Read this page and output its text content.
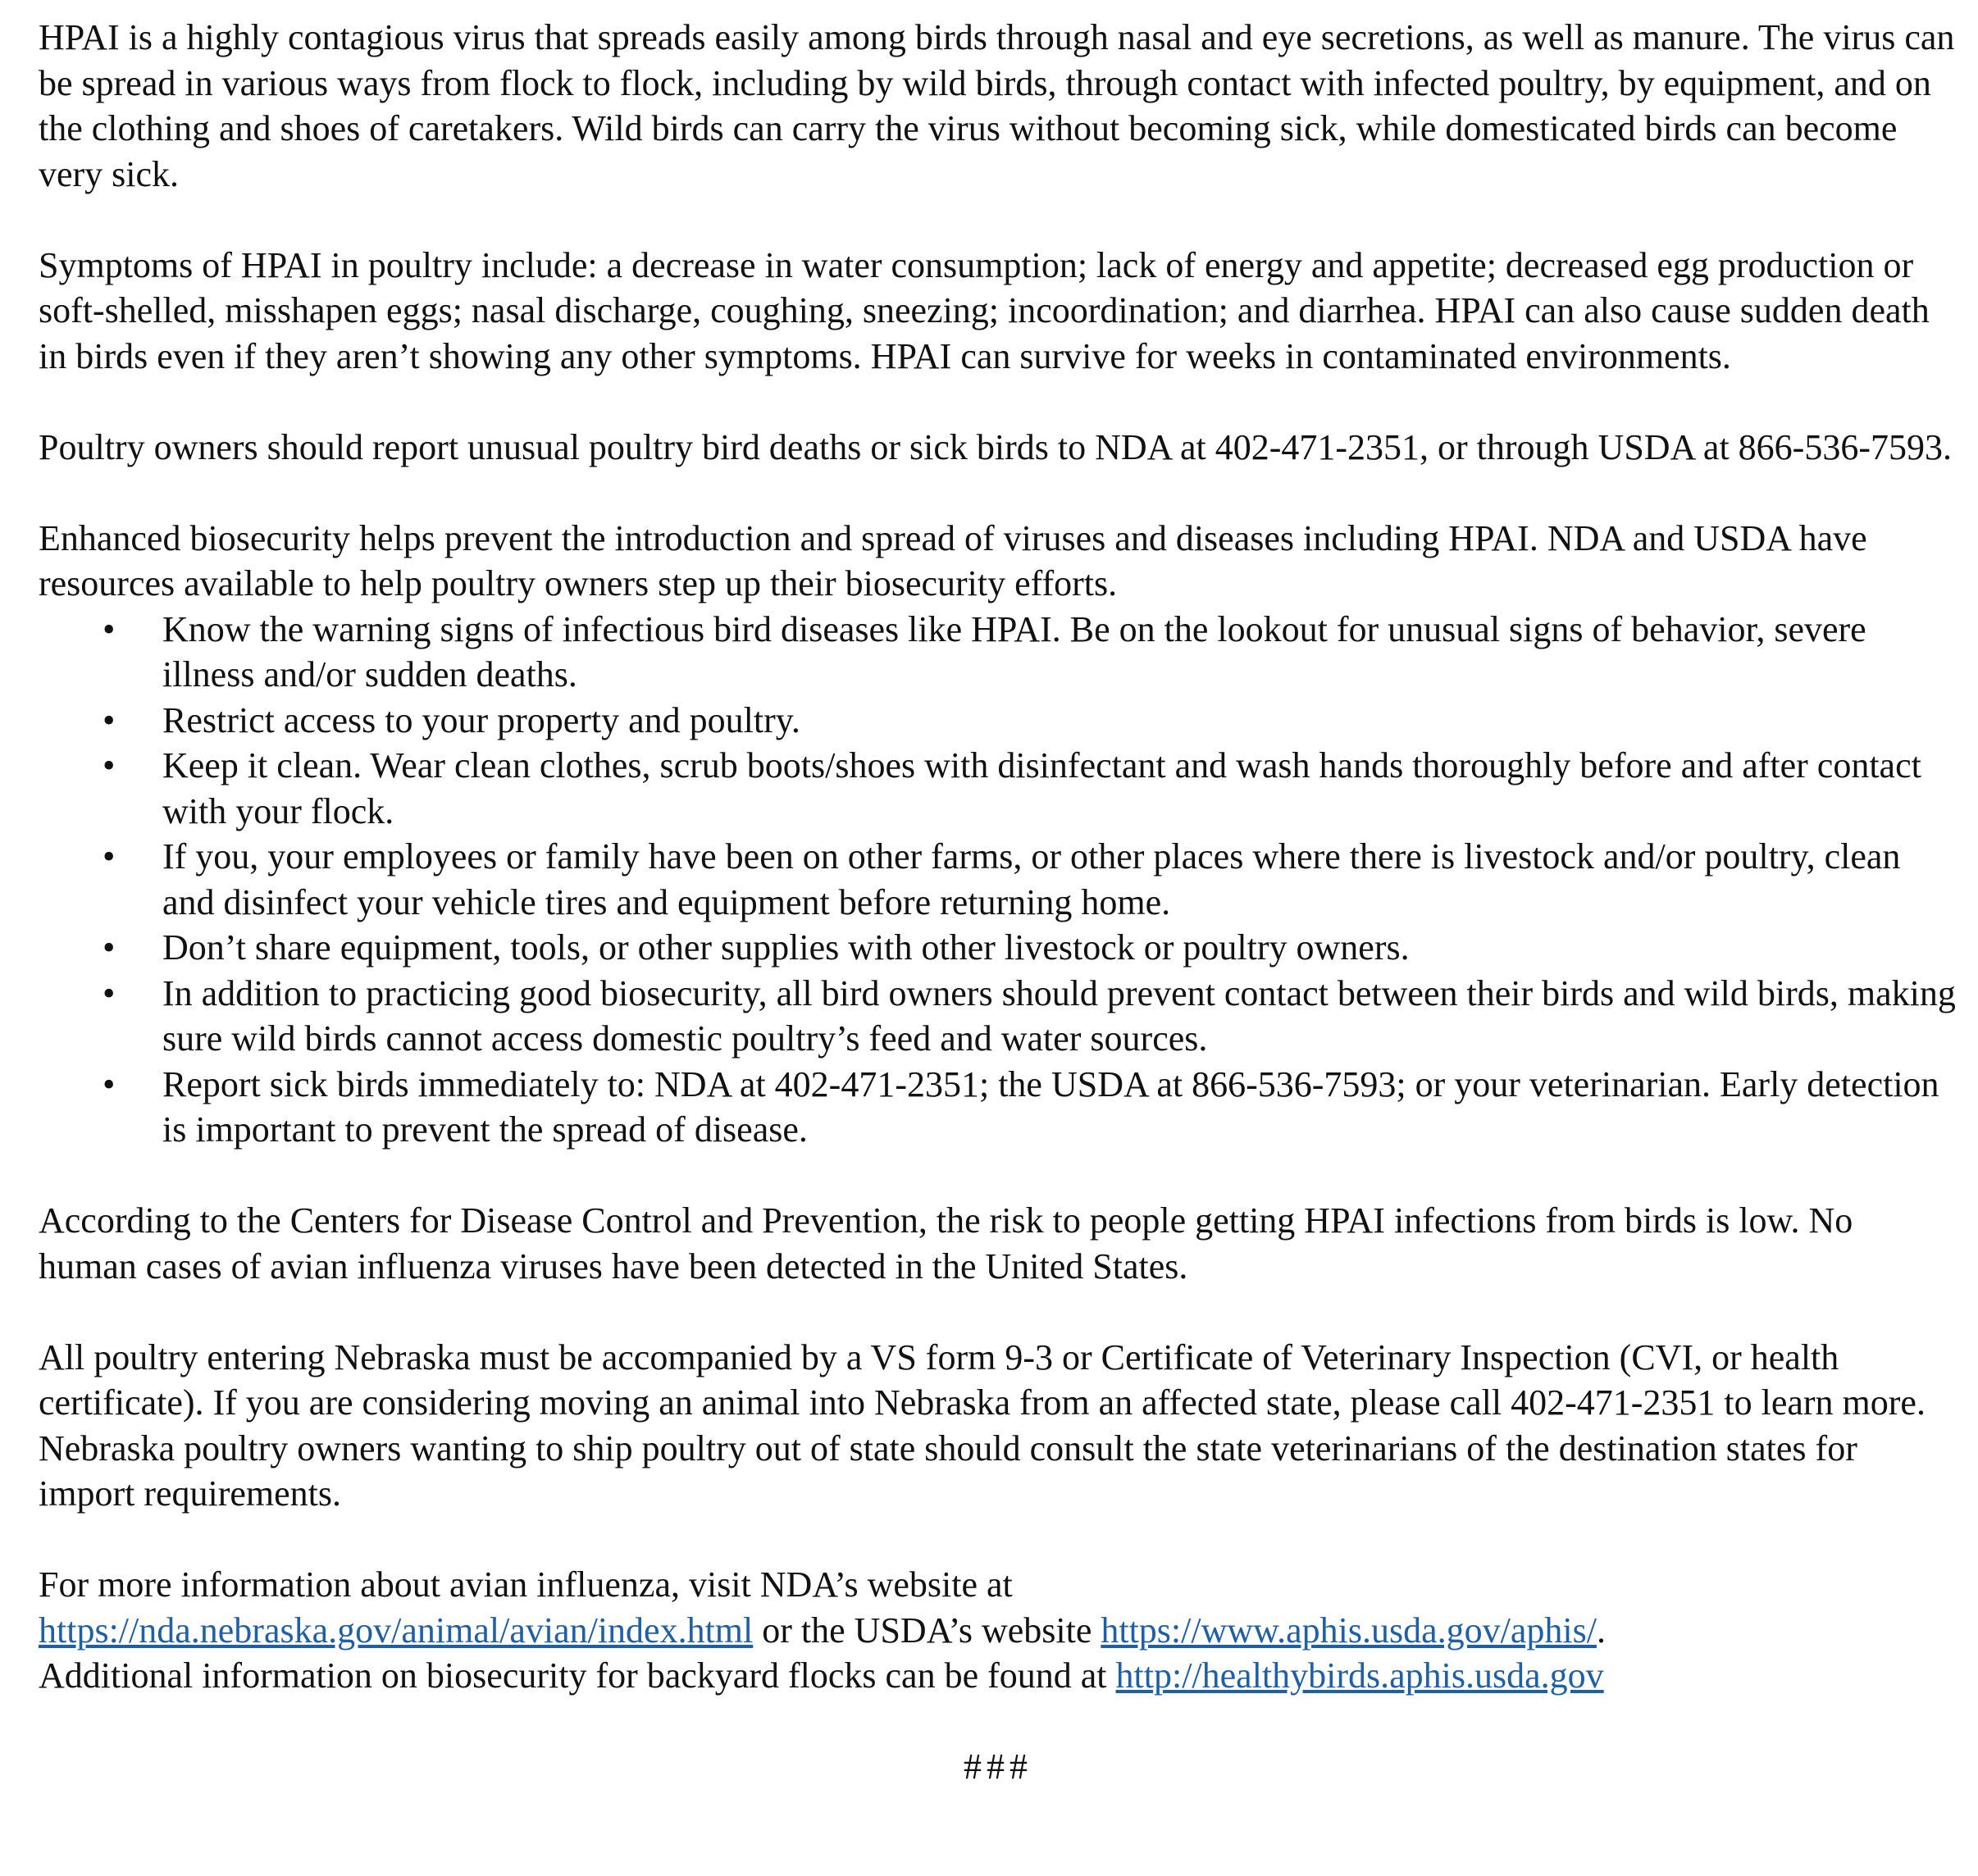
HPAI is a highly contagious virus that spreads easily among birds through nasal and eye secretions, as well as manure. The virus can be spread in various ways from flock to flock, including by wild birds, through contact with infected poultry, by equipment, and on the clothing and shoes of caretakers. Wild birds can carry the virus without becoming sick, while domesticated birds can become very sick.

Symptoms of HPAI in poultry include: a decrease in water consumption; lack of energy and appetite; decreased egg production or soft-shelled, misshapen eggs; nasal discharge, coughing, sneezing; incoordination; and diarrhea. HPAI can also cause sudden death in birds even if they aren’t showing any other symptoms. HPAI can survive for weeks in contaminated environments.

Poultry owners should report unusual poultry bird deaths or sick birds to NDA at 402-471-2351, or through USDA at 866-536-7593.

Enhanced biosecurity helps prevent the introduction and spread of viruses and diseases including HPAI. NDA and USDA have resources available to help poultry owners step up their biosecurity efforts.

• Know the warning signs of infectious bird diseases like HPAI. Be on the lookout for unusual signs of behavior, severe illness and/or sudden deaths.
• Restrict access to your property and poultry.
• Keep it clean. Wear clean clothes, scrub boots/shoes with disinfectant and wash hands thoroughly before and after contact with your flock.
• If you, your employees or family have been on other farms, or other places where there is livestock and/or poultry, clean and disinfect your vehicle tires and equipment before returning home.
• Don’t share equipment, tools, or other supplies with other livestock or poultry owners.
• In addition to practicing good biosecurity, all bird owners should prevent contact between their birds and wild birds, making sure wild birds cannot access domestic poultry’s feed and water sources.
• Report sick birds immediately to: NDA at 402-471-2351; the USDA at 866-536-7593; or your veterinarian. Early detection is important to prevent the spread of disease.

According to the Centers for Disease Control and Prevention, the risk to people getting HPAI infections from birds is low. No human cases of avian influenza viruses have been detected in the United States.

All poultry entering Nebraska must be accompanied by a VS form 9-3 or Certificate of Veterinary Inspection (CVI, or health certificate). If you are considering moving an animal into Nebraska from an affected state, please call 402-471-2351 to learn more. Nebraska poultry owners wanting to ship poultry out of state should consult the state veterinarians of the destination states for import requirements.

For more information about avian influenza, visit NDA’s website at
https://nda.nebraska.gov/animal/avian/index.html or the USDA’s website https://www.aphis.usda.gov/aphis/.
Additional information on biosecurity for backyard flocks can be found at http://healthybirds.aphis.usda.gov

###
